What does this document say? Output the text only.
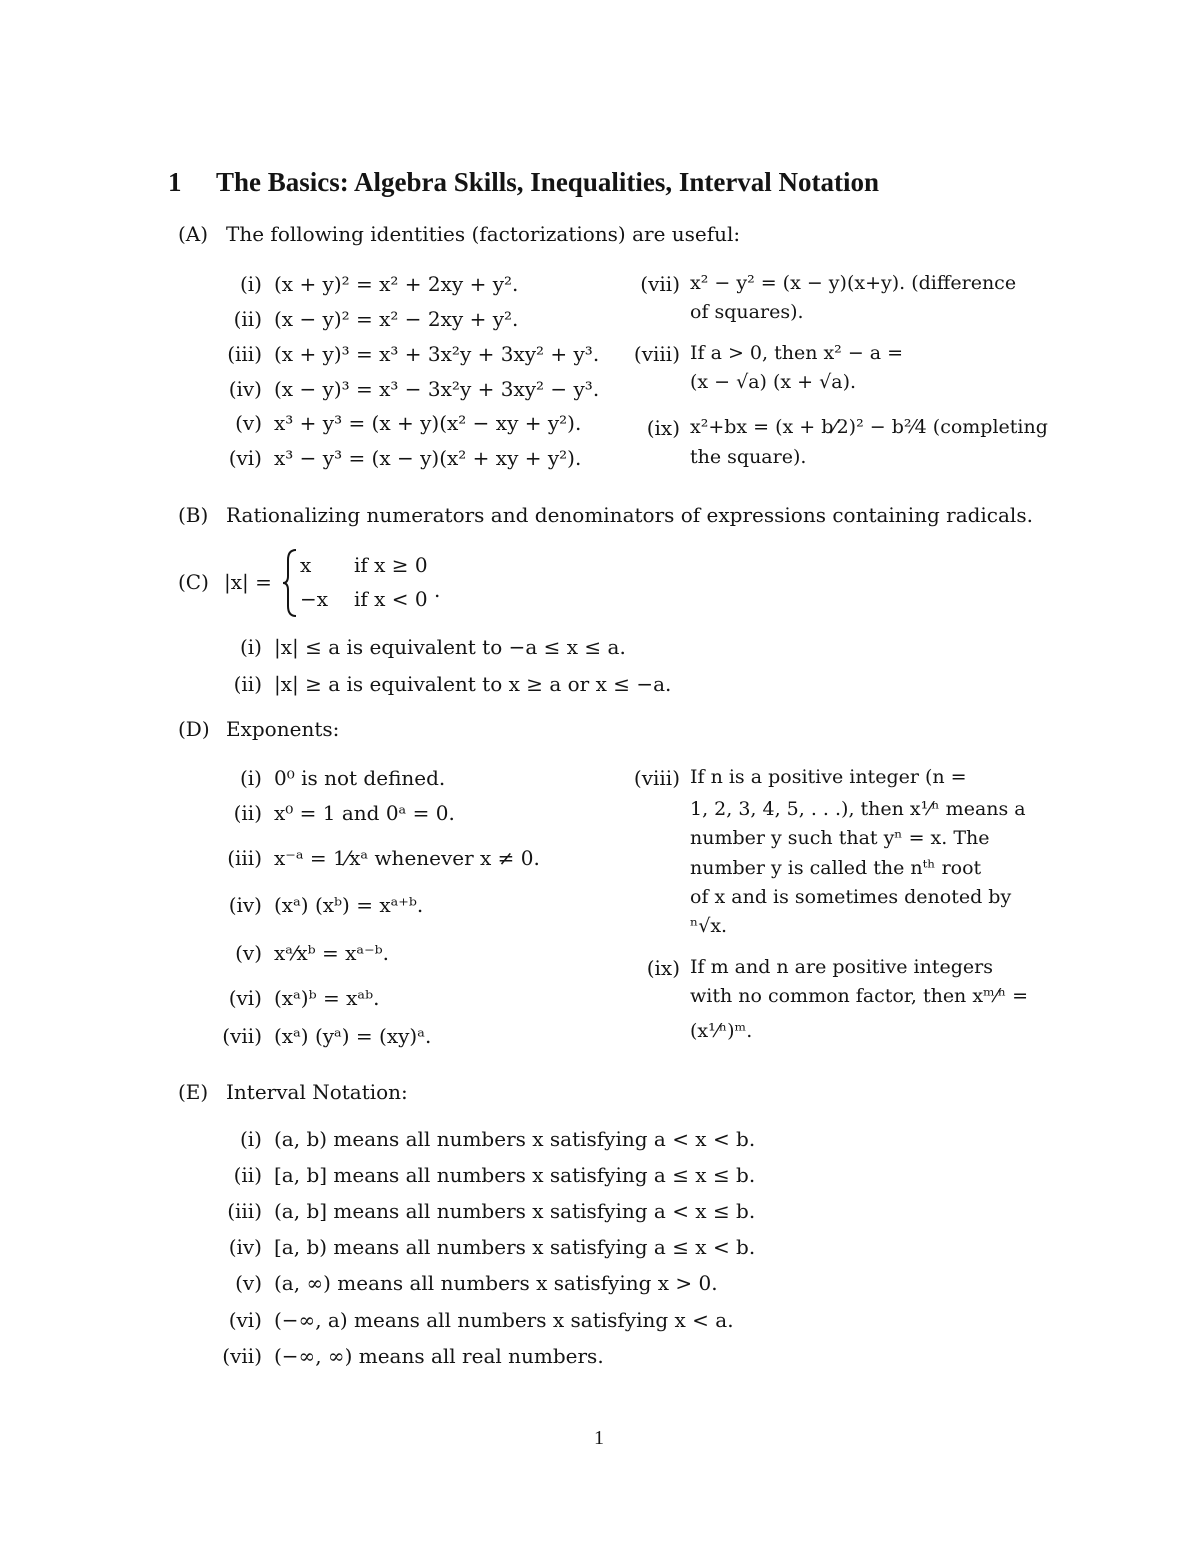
1 The Basics: Algebra Skills, Inequalities, Interval Notation
(A) The following identities (factorizations) are useful:
(i) (x + y)² = x² + 2xy + y².
(ii) (x − y)² = x² − 2xy + y².
(iii) (x + y)³ = x³ + 3x²y + 3xy² + y³.
(iv) (x − y)³ = x³ − 3x²y + 3xy² − y³.
(v) x³ + y³ = (x + y)(x² − xy + y²).
(vi) x³ − y³ = (x − y)(x² + xy + y²).
(vii) x² − y² = (x − y)(x+y). (difference
of squares).
(viii) If a > 0, then x² − a =
(x − √a) (x + √a).
(ix) x²+bx = (x + b⁄2)² − b²⁄4 (completing
the square).
(B) Rationalizing numerators and denominators of expressions containing radicals.
(C) |x| =
x if x ≥ 0
−x if x < 0 .
(i) |x| ≤ a is equivalent to −a ≤ x ≤ a.
(ii) |x| ≥ a is equivalent to x ≥ a or x ≤ −a.
(D) Exponents:
(i) 0⁰ is not defined.
(ii) x⁰ = 1 and 0ᵃ = 0.
(iii) x⁻ᵃ = 1⁄xᵃ whenever x ≠ 0.
(iv) (xᵃ) (xᵇ) = xᵃ⁺ᵇ.
(v) xᵃ⁄xᵇ = xᵃ⁻ᵇ.
(vi) (xᵃ)ᵇ = xᵃᵇ.
(vii) (xᵃ) (yᵃ) = (xy)ᵃ.
(viii) If n is a positive integer (n =
1, 2, 3, 4, 5, . . .), then x¹⁄ⁿ means a
number y such that yⁿ = x. The
number y is called the nᵗʰ root
of x and is sometimes denoted by
ⁿ√x.
(ix) If m and n are positive integers
with no common factor, then xᵐ⁄ⁿ =
(x¹⁄ⁿ)ᵐ.
(E) Interval Notation:
(i) (a, b) means all numbers x satisfying a < x < b.
(ii) [a, b] means all numbers x satisfying a ≤ x ≤ b.
(iii) (a, b] means all numbers x satisfying a < x ≤ b.
(iv) [a, b) means all numbers x satisfying a ≤ x < b.
(v) (a, ∞) means all numbers x satisfying x > 0.
(vi) (−∞, a) means all numbers x satisfying x < a.
(vii) (−∞, ∞) means all real numbers.
1
